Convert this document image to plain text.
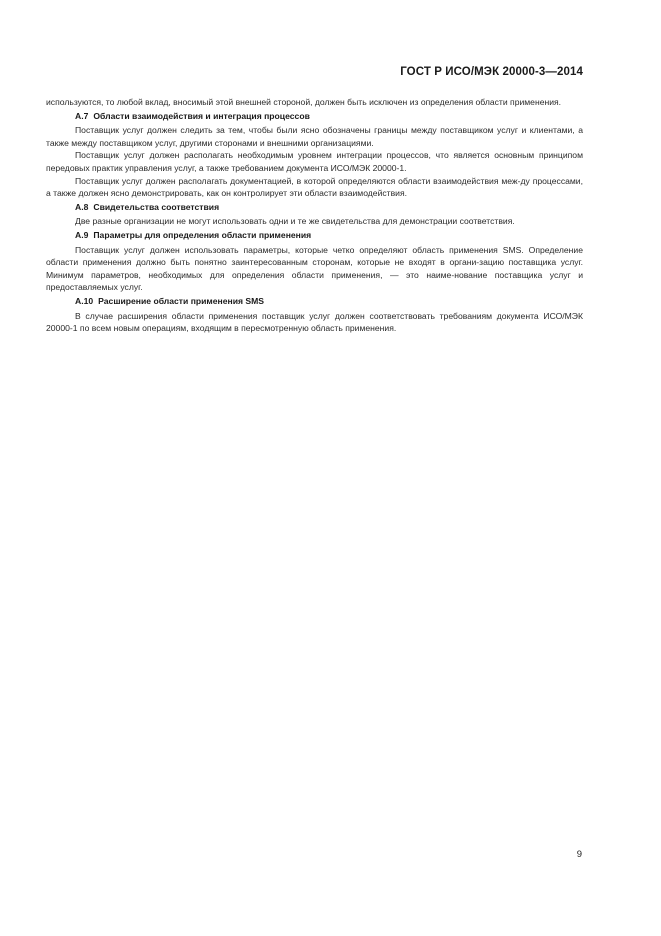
ГОСТ Р ИСО/МЭК 20000-3—2014

используются, то любой вклад, вносимый этой внешней стороной, должен быть исключен из определения области применения.

А.7 Области взаимодействия и интеграция процессов

Поставщик услуг должен следить за тем, чтобы были ясно обозначены границы между поставщиком услуг и клиентами, а также между поставщиком услуг, другими сторонами и внешними организациями.

Поставщик услуг должен располагать необходимым уровнем интеграции процессов, что является основным принципом передовых практик управления услуг, а также требованием документа ИСО/МЭК 20000-1.

Поставщик услуг должен располагать документацией, в которой определяются области взаимодействия меж-ду процессами, а также должен ясно демонстрировать, как он контролирует эти области взаимодействия.

А.8 Свидетельства соответствия

Две разные организации не могут использовать одни и те же свидетельства для демонстрации соответствия.

А.9 Параметры для определения области применения

Поставщик услуг должен использовать параметры, которые четко определяют область применения SMS. Определение области применения должно быть понятно заинтересованным сторонам, которые не входят в органи-зацию поставщика услуг. Минимум параметров, необходимых для определения области применения, — это наиме-нование поставщика услуг и предоставляемых услуг.

А.10 Расширение области применения SMS

В случае расширения области применения поставщик услуг должен соответствовать требованиям документа ИСО/МЭК 20000-1 по всем новым операциям, входящим в пересмотренную область применения.

9
